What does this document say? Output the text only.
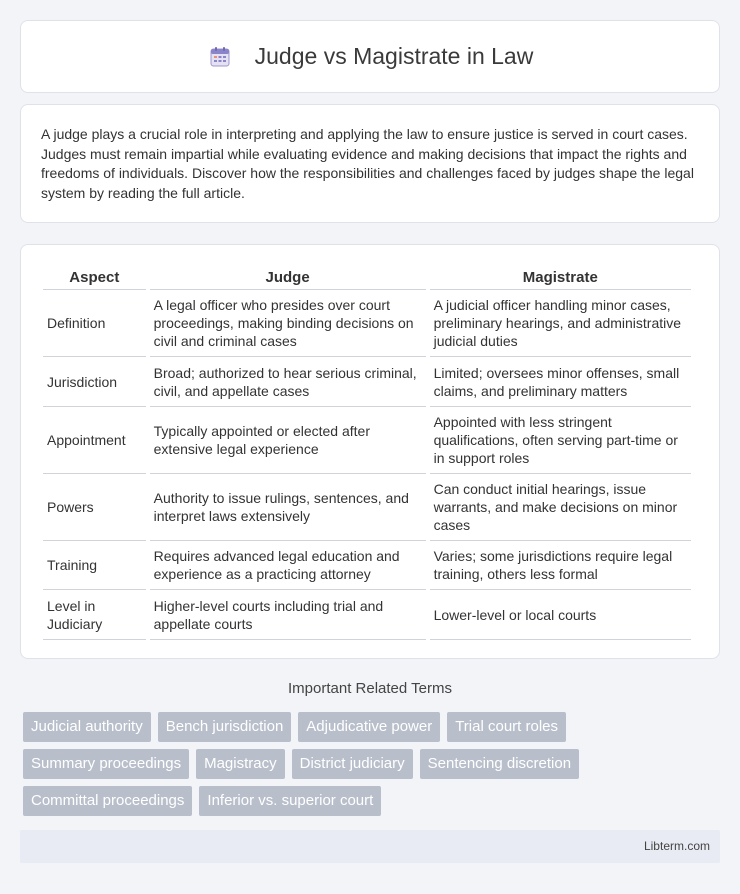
Judge vs Magistrate in Law

A judge plays a crucial role in interpreting and applying the law to ensure justice is served in court cases. Judges must remain impartial while evaluating evidence and making decisions that impact the rights and freedoms of individuals. Discover how the responsibilities and challenges faced by judges shape the legal system by reading the full article.

Aspect	Judge	Magistrate
Definition	A legal officer who presides over court proceedings, making binding decisions on civil and criminal cases	A judicial officer handling minor cases, preliminary hearings, and administrative judicial duties
Jurisdiction	Broad; authorized to hear serious criminal, civil, and appellate cases	Limited; oversees minor offenses, small claims, and preliminary matters
Appointment	Typically appointed or elected after extensive legal experience	Appointed with less stringent qualifications, often serving part-time or in support roles
Powers	Authority to issue rulings, sentences, and interpret laws extensively	Can conduct initial hearings, issue warrants, and make decisions on minor cases
Training	Requires advanced legal education and experience as a practicing attorney	Varies; some jurisdictions require legal training, others less formal
Level in Judiciary	Higher-level courts including trial and appellate courts	Lower-level or local courts
Important Related Terms
Judicial authority	Bench jurisdiction	Adjudicative power	Trial court roles
Summary proceedings	Magistracy	District judiciary	Sentencing discretion
Committal proceedings	Inferior vs. superior court
Libterm.com
